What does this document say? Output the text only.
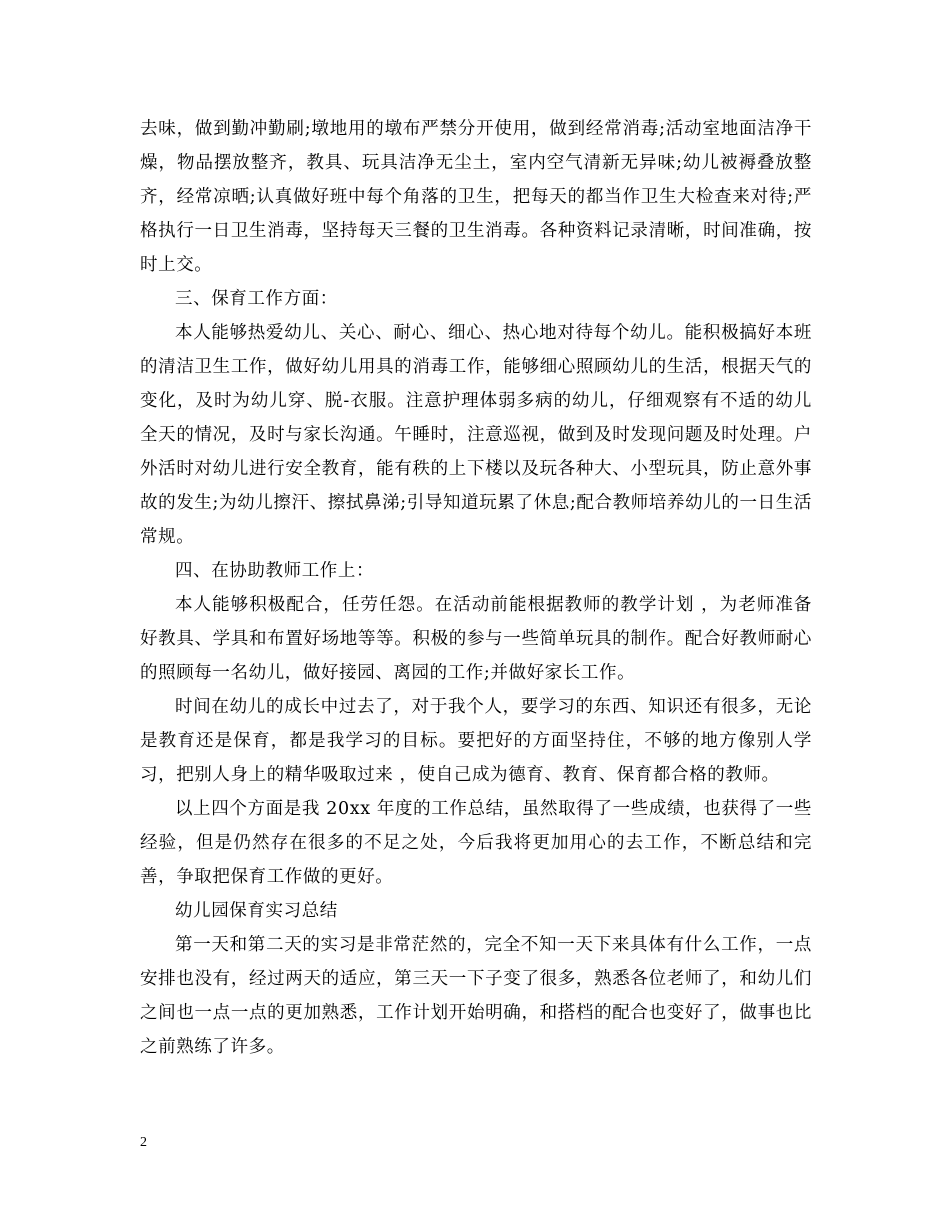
去味，做到勤冲勤刷;墩地用的墩布严禁分开使用，做到经常消毒;活动室地面洁净干燥，物品摆放整齐，教具、玩具洁净无尘土，室内空气清新无异味;幼儿被褥叠放整齐，经常凉晒;认真做好班中每个角落的卫生，把每天的都当作卫生大检查来对待;严格执行一日卫生消毒，坚持每天三餐的卫生消毒。各种资料记录清晰，时间准确，按时上交。

三、保育工作方面：

本人能够热爱幼儿、关心、耐心、细心、热心地对待每个幼儿。能积极搞好本班的清洁卫生工作，做好幼儿用具的消毒工作，能够细心照顾幼儿的生活，根据天气的变化，及时为幼儿穿、脱-衣服。注意护理体弱多病的幼儿，仔细观察有不适的幼儿全天的情况，及时与家长沟通。午睡时，注意巡视，做到及时发现问题及时处理。户外活时对幼儿进行安全教育，能有秩的上下楼以及玩各种大、小型玩具，防止意外事故的发生;为幼儿擦汗、擦拭鼻涕;引导知道玩累了休息;配合教师培养幼儿的一日生活常规。

四、在协助教师工作上：

本人能够积极配合，任劳任怨。在活动前能根据教师的教学计划 ，为老师准备好教具、学具和布置好场地等等。积极的参与一些简单玩具的制作。配合好教师耐心的照顾每一名幼儿，做好接园、离园的工作;并做好家长工作。

时间在幼儿的成长中过去了，对于我个人，要学习的东西、知识还有很多，无论是教育还是保育，都是我学习的目标。要把好的方面坚持住，不够的地方像别人学习，把别人身上的精华吸取过来 ，使自己成为德育、教育、保育都合格的教师。

以上四个方面是我 20xx 年度的工作总结，虽然取得了一些成绩，也获得了一些经验，但是仍然存在很多的不足之处，今后我将更加用心的去工作，不断总结和完善，争取把保育工作做的更好。

幼儿园保育实习总结

第一天和第二天的实习是非常茫然的，完全不知一天下来具体有什么工作，一点安排也没有，经过两天的适应，第三天一下子变了很多，熟悉各位老师了，和幼儿们之间也一点一点的更加熟悉，工作计划开始明确，和搭档的配合也变好了，做事也比之前熟练了许多。

2
